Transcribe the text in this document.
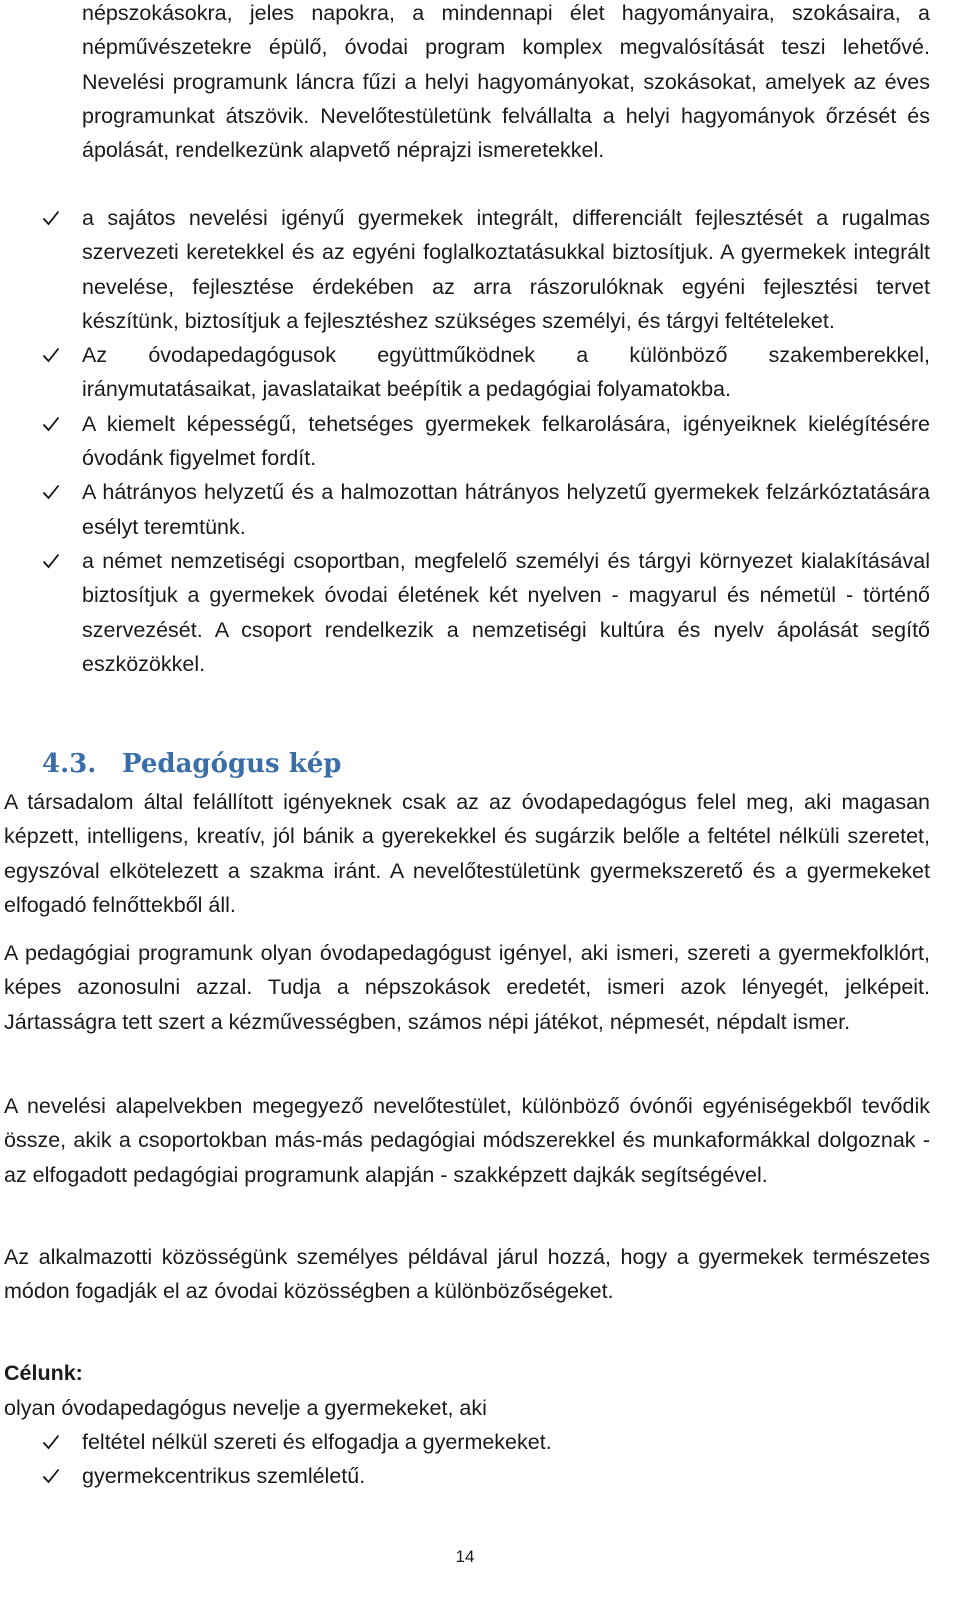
népszokásokra, jeles napokra, a mindennapi élet hagyományaira, szokásaira, a népművészetekre épülő, óvodai program komplex megvalósítását teszi lehetővé. Nevelési programunk láncra fűzi a helyi hagyományokat, szokásokat, amelyek az éves programunkat átszövik. Nevelőtestületünk felvállalta a helyi hagyományok őrzését és ápolását, rendelkezünk alapvető néprajzi ismeretekkel.

a sajátos nevelési igényű gyermekek integrált, differenciált fejlesztését a rugalmas szervezeti keretekkel és az egyéni foglalkoztatásukkal biztosítjuk. A gyermekek integrált nevelése, fejlesztése érdekében az arra rászorulóknak egyéni fejlesztési tervet készítünk, biztosítjuk a fejlesztéshez szükséges személyi, és tárgyi feltételeket.
Az óvodapedagógusok együttműködnek a különböző szakemberekkel, iránymutatásaikat, javaslataikat beépítik a pedagógiai folyamatokba.
A kiemelt képességű, tehetséges gyermekek felkarolására, igényeiknek kielégítésére óvodánk figyelmet fordít.
A hátrányos helyzetű és a halmozottan hátrányos helyzetű gyermekek felzárkóztatására esélyt teremtünk.
a német nemzetiségi csoportban, megfelelő személyi és tárgyi környezet kialakításával biztosítjuk a gyermekek óvodai életének két nyelven - magyarul és németül - történő szervezését. A csoport rendelkezik a nemzetiségi kultúra és nyelv ápolását segítő eszközökkel.
4.3. Pedagógus kép

A társadalom által felállított igényeknek csak az az óvodapedagógus felel meg, aki magasan képzett, intelligens, kreatív, jól bánik a gyerekekkel és sugárzik belőle a feltétel nélküli szeretet, egyszóval elkötelezett a szakma iránt. A nevelőtestületünk gyermekszerető és a gyermekeket elfogadó felnőttekből áll.

A pedagógiai programunk olyan óvodapedagógust igényel, aki ismeri, szereti a gyermekfolklórt, képes azonosulni azzal. Tudja a népszokások eredetét, ismeri azok lényegét, jelképeit. Jártasságra tett szert a kézművességben, számos népi játékot, népmesét, népdalt ismer.

A nevelési alapelvekben megegyező nevelőtestület, különböző óvónői egyéniségekből tevődik össze, akik a csoportokban más-más pedagógiai módszerekkel és munkaformákkal dolgoznak - az elfogadott pedagógiai programunk alapján - szakképzett dajkák segítségével.

Az alkalmazotti közösségünk személyes példával járul hozzá, hogy a gyermekek természetes módon fogadják el az óvodai közösségben a különbözőségeket.

Célunk:
olyan óvodapedagógus nevelje a gyermekeket, aki
feltétel nélkül szereti és elfogadja a gyermekeket.
gyermekcentrikus szemléletű.
14
